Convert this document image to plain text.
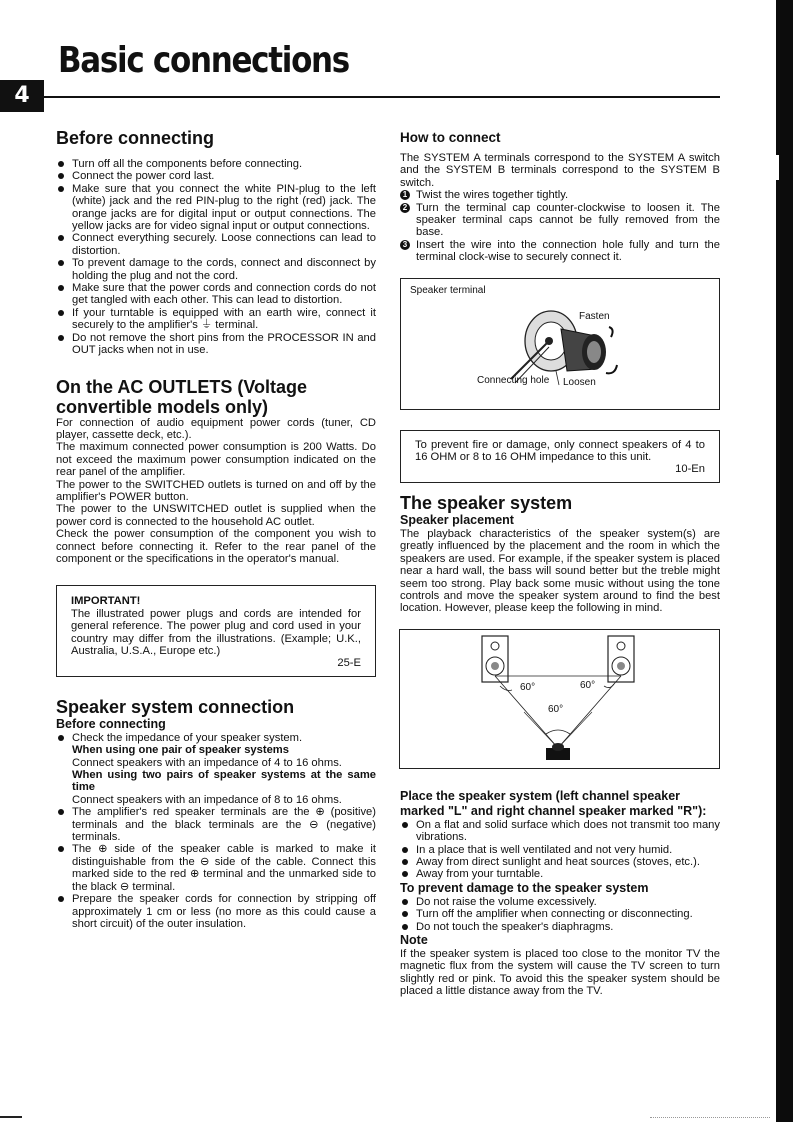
Basic connections
4
Before connecting
Turn off all the components before connecting.
Connect the power cord last.
Make sure that you connect the white PIN-plug to the left (white) jack and the red PIN-plug to the right (red) jack. The orange jacks are for digital input or output connections. The yellow jacks are for video signal input or output connections.
Connect everything securely. Loose connections can lead to distortion.
To prevent damage to the cords, connect and disconnect by holding the plug and not the cord.
Make sure that the power cords and connection cords do not get tangled with each other. This can lead to distortion.
If your turntable is equipped with an earth wire, connect it securely to the amplifier's ⏚ terminal.
Do not remove the short pins from the PROCESSOR IN and OUT jacks when not in use.
On the AC OUTLETS (Voltage convertible models only)

For connection of audio equipment power cords (tuner, CD player, cassette deck, etc.).

The maximum connected power consumption is 200 Watts. Do not exceed the maximum power consumption indicated on the rear panel of the amplifier.

The power to the SWITCHED outlets is turned on and off by the amplifier's POWER button.

The power to the UNSWITCHED outlet is supplied when the power cord is connected to the household AC outlet.

Check the power consumption of the component you wish to connect before connecting it. Refer to the rear panel of the component or the specifications in the operator's manual.

IMPORTANT!

The illustrated power plugs and cords are intended for general reference. The power plug and cord used in your country may differ from the illustrations. (Example; U.K., Australia, U.S.A., Europe etc.)

25-E
Speaker system connection
Before connecting
Check the impedance of your speaker system.
When using one pair of speaker systems
Connect speakers with an impedance of 4 to 16 ohms.
When using two pairs of speaker systems at the same time
Connect speakers with an impedance of 8 to 16 ohms.
The amplifier's red speaker terminals are the ⊕ (positive) terminals and the black terminals are the ⊖ (negative) terminals.
The ⊕ side of the speaker cable is marked to make it distinguishable from the ⊖ side of the cable. Connect this marked side to the red ⊕ terminal and the unmarked side to the black ⊖ terminal.
Prepare the speaker cords for connection by stripping off approximately 1 cm or less (no more as this could cause a short circuit) of the outer insulation.
How to connect

The SYSTEM A terminals correspond to the SYSTEM A switch and the SYSTEM B terminals correspond to the SYSTEM B switch.

1 Twist the wires together tightly.
2 Turn the terminal cap counter-clockwise to loosen it. The speaker terminal caps cannot be fully removed from the base.
3 Insert the wire into the connection hole fully and turn the terminal clock-wise to securely connect it.
Speaker terminal
Fasten
Connecting hole Loosen

To prevent fire or damage, only connect speakers of 4 to 16 OHM or 8 to 16 OHM impedance to this unit.

10-En
The speaker system
Speaker placement

The playback characteristics of the speaker system(s) are greatly influenced by the placement and the room in which the speakers are used. For example, if the speaker system is placed near a hard wall, the bass will sound better but the treble might seem too strong. Play back some music without using the tone controls and move the speaker system around to find the best location. However, please keep the following in mind.

60°	60°
60°
Place the speaker system (left channel speaker marked "L" and right channel speaker marked "R"):
On a flat and solid surface which does not transmit too many vibrations.
In a place that is well ventilated and not very humid.
Away from direct sunlight and heat sources (stoves, etc.).
Away from your turntable.
To prevent damage to the speaker system
Do not raise the volume excessively.
Turn off the amplifier when connecting or disconnecting.
Do not touch the speaker's diaphragms.
Note

If the speaker system is placed too close to the monitor TV the magnetic flux from the system will cause the TV screen to turn slightly red or pink. To avoid this the speaker system should be placed a little distance away from the TV.
